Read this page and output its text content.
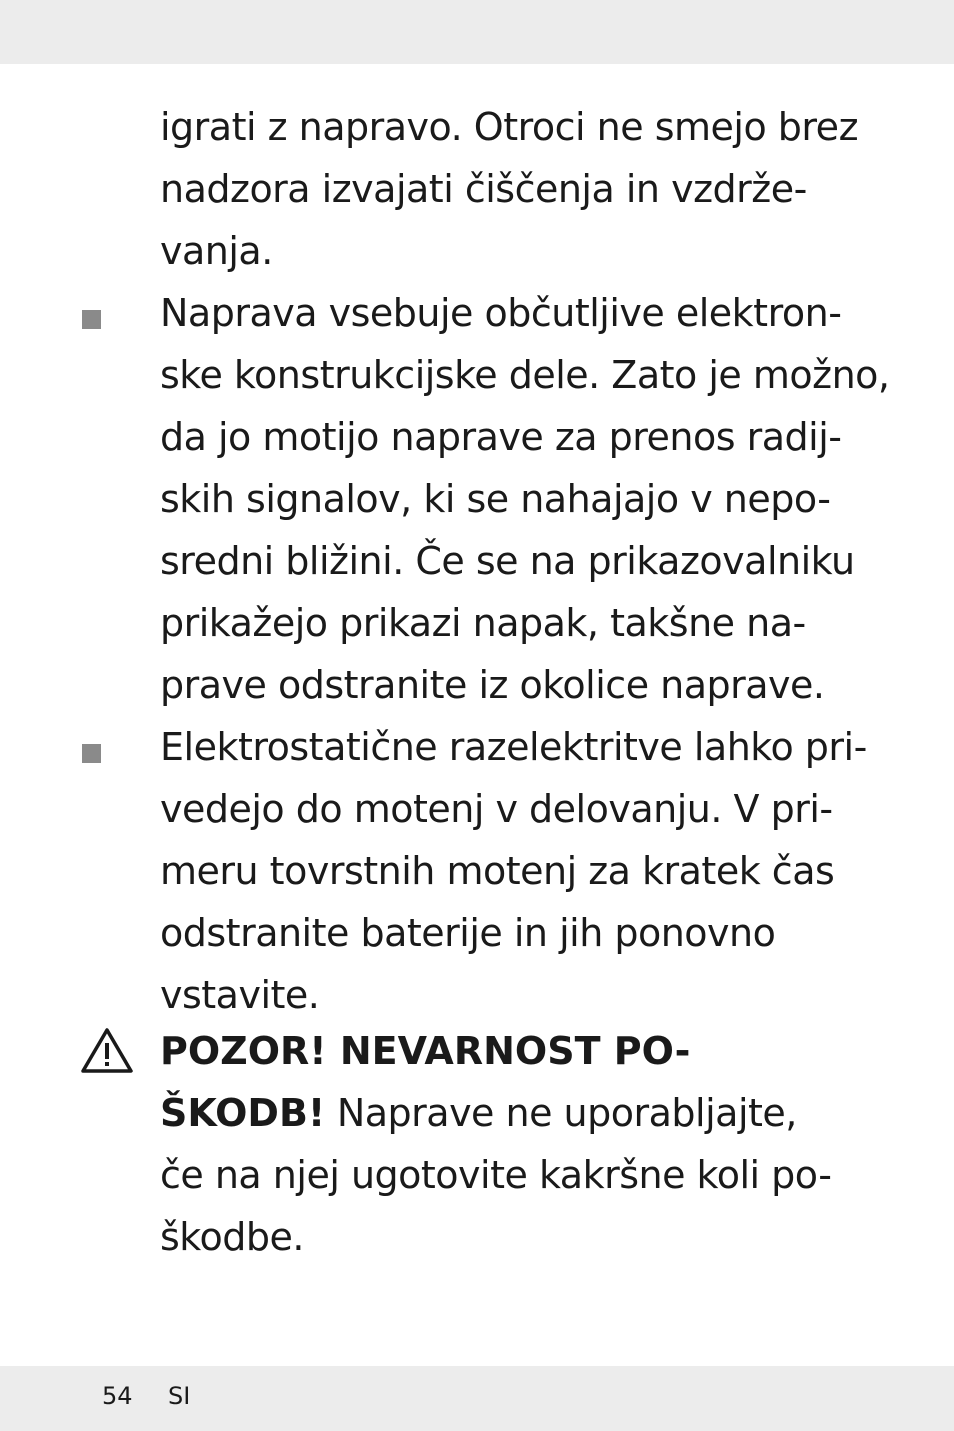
igrati z napravo. Otroci ne smejo brez
nadzora izvajati čiščenja in vzdrže-
vanja.
Naprava vsebuje občutljive elektron-
ske konstrukcijske dele. Zato je možno,
da jo motijo naprave za prenos radij-
skih signalov, ki se nahajajo v nepo-
sredni bližini. Če se na prikazovalniku
prikažejo prikazi napak, takšne na-
prave odstranite iz okolice naprave.
Elektrostatične razelektritve lahko pri-
vedejo do motenj v delovanju. V pri-
meru tovrstnih motenj za kratek čas
odstranite baterije in jih ponovno
vstavite.
POZOR! NEVARNOST PO-
ŠKODB! Naprave ne uporabljajte,
če na njej ugotovite kakršne koli po-
škodbe.
54 SI
